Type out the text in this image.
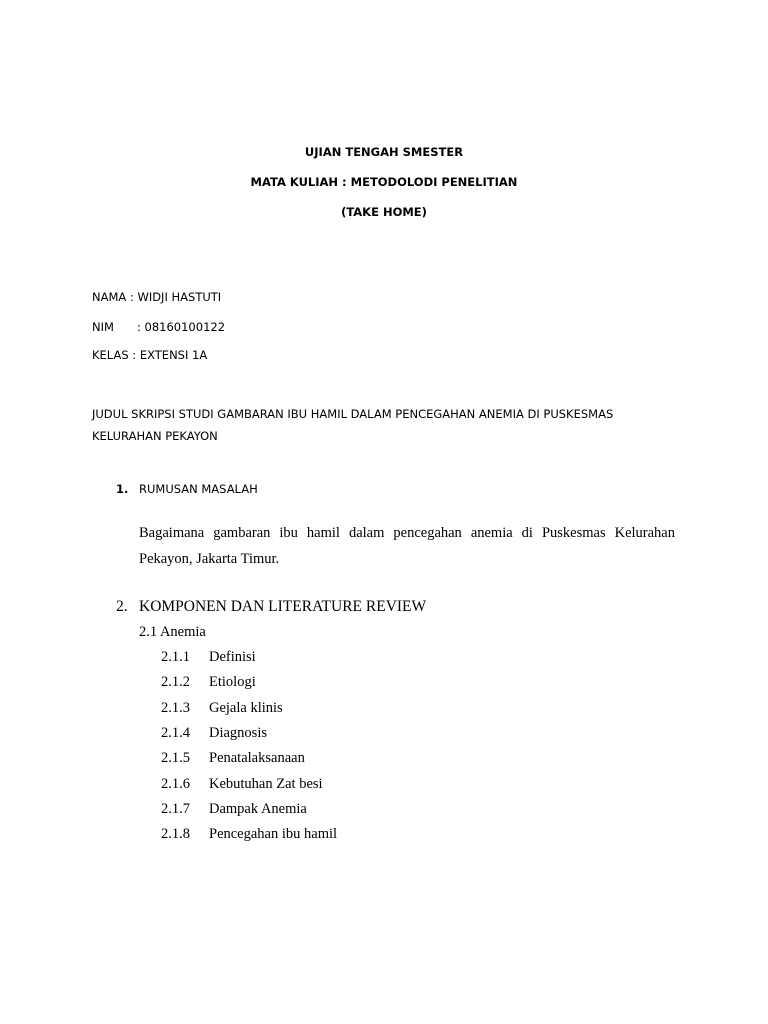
UJIAN TENGAH SMESTER
MATA KULIAH : METODOLODI PENELITIAN
(TAKE HOME)
NAMA : WIDJI HASTUTI
NIM : 08160100122
KELAS : EXTENSI 1A
JUDUL SKRIPSI STUDI GAMBARAN IBU HAMIL DALAM PENCEGAHAN ANEMIA DI PUSKESMAS KELURAHAN PEKAYON
1. RUMUSAN MASALAH
Bagaimana gambaran ibu hamil dalam pencegahan anemia di Puskesmas Kelurahan Pekayon, Jakarta Timur.
2. KOMPONEN DAN LITERATURE REVIEW
2.1 Anemia
2.1.1 Definisi
2.1.2 Etiologi
2.1.3 Gejala klinis
2.1.4 Diagnosis
2.1.5 Penatalaksanaan
2.1.6 Kebutuhan Zat besi
2.1.7 Dampak Anemia
2.1.8 Pencegahan ibu hamil
